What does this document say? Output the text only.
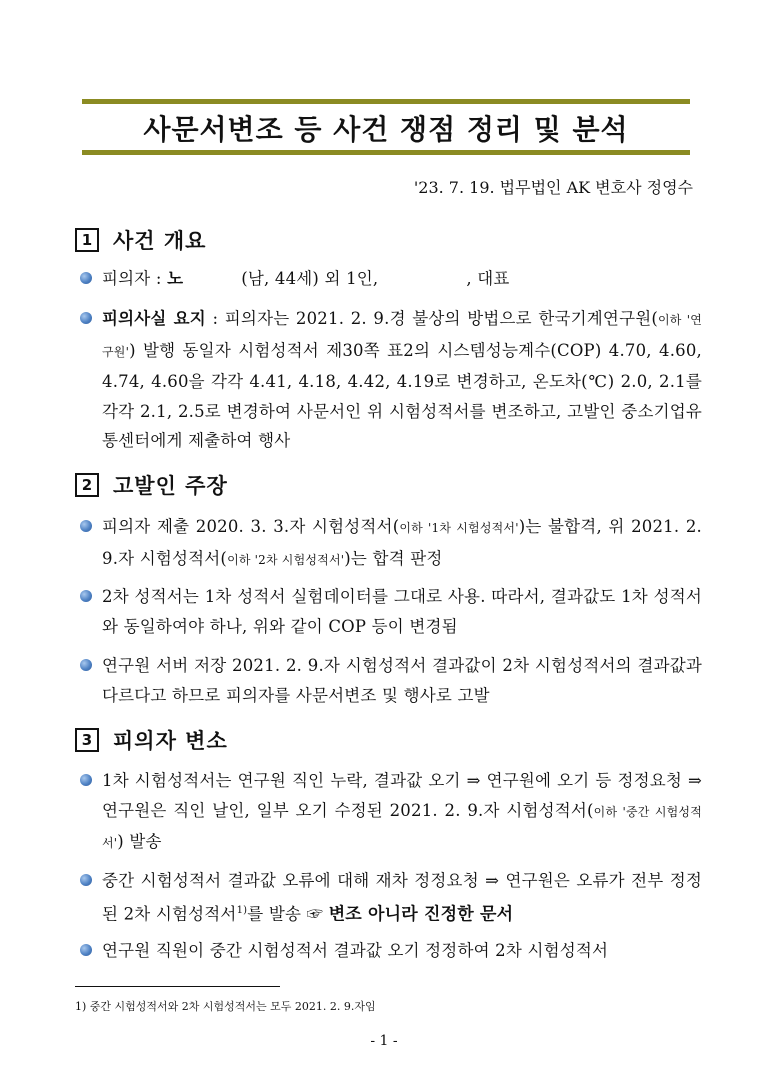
사문서변조 등 사건 쟁점 정리 및 분석
'23. 7. 19. 법무법인 AK 변호사 정영수
1 사건 개요
피의자 : 노	(남, 44세) 외 1인,	, 대표
피의사실 요지 : 피의자는 2021. 2. 9.경 불상의 방법으로 한국기계연구원(이하 '연구원') 발행 동일자 시험성적서 제30쪽 표2의 시스템성능계수(COP) 4.70, 4.60, 4.74, 4.60을 각각 4.41, 4.18, 4.42, 4.19로 변경하고, 온도차(℃) 2.0, 2.1를 각각 2.1, 2.5로 변경하여 사문서인 위 시험성적서를 변조하고, 고발인 중소기업유통센터에게 제출하여 행사
2 고발인 주장
피의자 제출 2020. 3. 3.자 시험성적서(이하 '1차 시험성적서')는 불합격, 위 2021. 2. 9.자 시험성적서(이하 '2차 시험성적서')는 합격 판정
2차 성적서는 1차 성적서 실험데이터를 그대로 사용. 따라서, 결과값도 1차 성적서와 동일하여야 하나, 위와 같이 COP 등이 변경됨
연구원 서버 저장 2021. 2. 9.자 시험성적서 결과값이 2차 시험성적서의 결과값과 다르다고 하므로 피의자를 사문서변조 및 행사로 고발
3 피의자 변소
1차 시험성적서는 연구원 직인 누락, 결과값 오기 ⇒ 연구원에 오기 등 정정요청 ⇒ 연구원은 직인 날인, 일부 오기 수정된 2021. 2. 9.자 시험성적서(이하 '중간 시험성적서') 발송
중간 시험성적서 결과값 오류에 대해 재차 정정요청 ⇒ 연구원은 오류가 전부 정정된 2차 시험성적서$^{1)}$를 발송 ☞ 변조 아니라 진정한 문서
연구원 직원이 중간 시험성적서 결과값 오기 정정하여 2차 시험성적서
1) 중간 시험성적서와 2차 시험성적서는 모두 2021. 2. 9.자임
- 1 -
